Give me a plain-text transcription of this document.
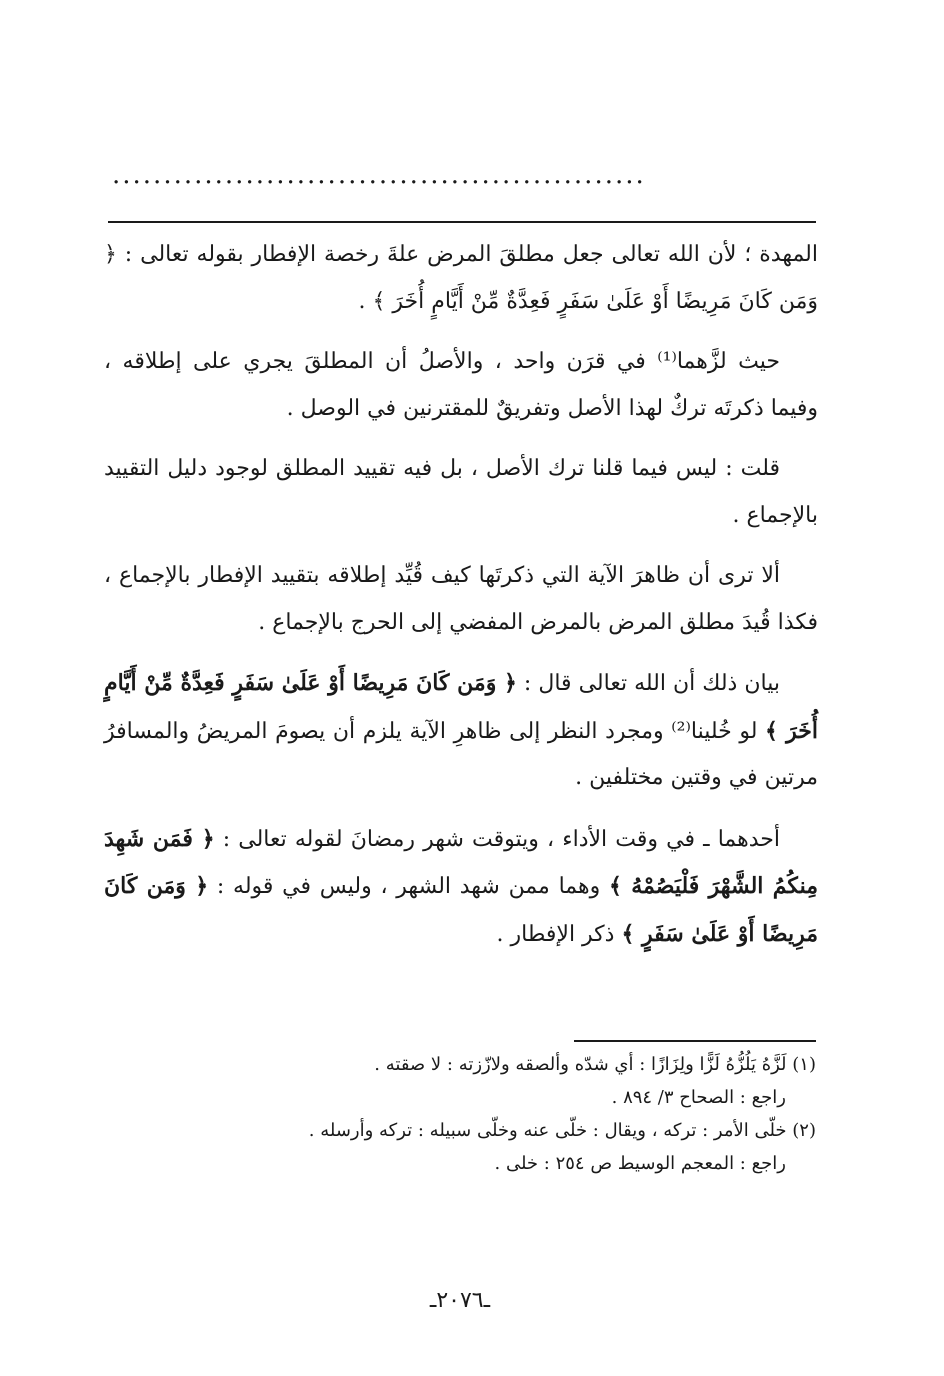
....................................................

المهدة ؛ لأن الله تعالى جعل مطلقَ المرض علةَ رخصة الإفطار بقوله تعالى : ﴿ وَمَن كَانَ مَرِيضًا أَوْ عَلَىٰ سَفَرٍ فَعِدَّةٌ مِّنْ أَيَّامٍ أُخَرَ ﴾ .

حيث لزَّهما⁽¹⁾ في قرَن واحد ، والأصلُ أن المطلقَ يجري على إطلاقه ، وفيما ذكرتَه تركٌ لهذا الأصل وتفريقٌ للمقترنين في الوصل .

قلت : ليس فيما قلنا ترك الأصل ، بل فيه تقييد المطلق لوجود دليل التقييد بالإجماع .

ألا ترى أن ظاهرَ الآية التي ذكرتَها كيف قُيِّد إطلاقه بتقييد الإفطار بالإجماع ، فكذا قُيدَ مطلق المرض بالمرض المفضي إلى الحرج بالإجماع .

بيان ذلك أن الله تعالى قال : ﴿ وَمَن كَانَ مَرِيضًا أَوْ عَلَىٰ سَفَرٍ فَعِدَّةٌ مِّنْ أَيَّامٍ أُخَرَ ﴾ لو خُلينا⁽²⁾ ومجرد النظر إلى ظاهرِ الآية يلزم أن يصومَ المريضُ والمسافرُ مرتين في وقتين مختلفين .

أحدهما ـ في وقت الأداء ، ويتوقت شهر رمضانَ لقوله تعالى : ﴿ فَمَن شَهِدَ مِنكُمُ الشَّهْرَ فَلْيَصُمْهُ ﴾ وهما ممن شهد الشهر ، وليس في قوله : ﴿ وَمَن كَانَ مَرِيضًا أَوْ عَلَىٰ سَفَرٍ ﴾ ذكر الإفطار .

(١) لَزَّهُ يَلُزُّهُ لَزًّا ولِزَازًا : أي شدّه وألصقه ولازّزته : لا صقته .

راجع : الصحاح ٣/ ٨٩٤ .

(٢) خلّى الأمر : تركه ، ويقال : خلّى عنه وخلّى سبيله : تركه وأرسله .

راجع : المعجم الوسيط ص ٢٥٤ : خلى .

ـ٢٠٧٦ـ
